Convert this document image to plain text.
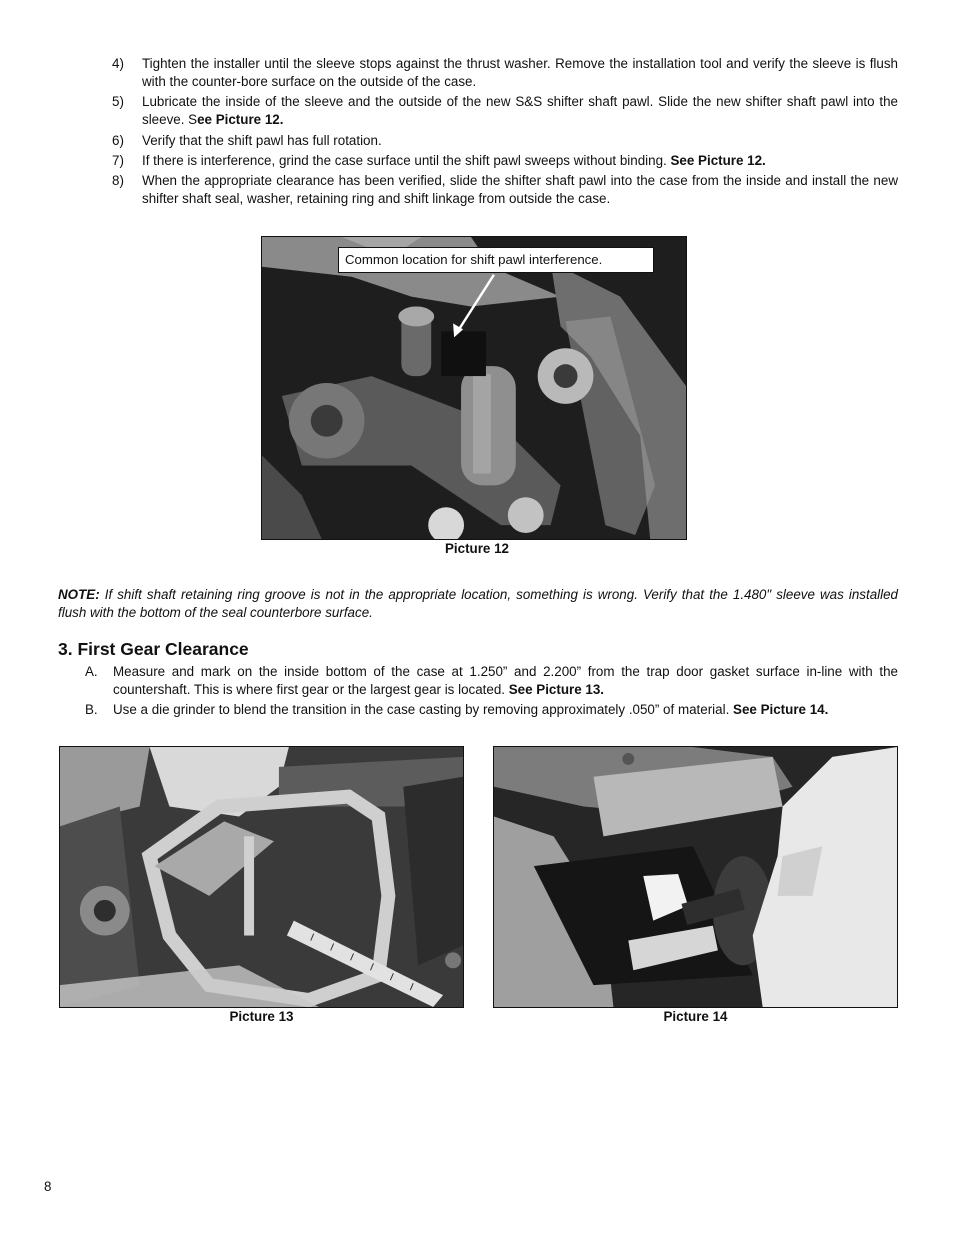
4) Tighten the installer until the sleeve stops against the thrust washer. Remove the installation tool and verify the sleeve is flush with the counter-bore surface on the outside of the case.
5) Lubricate the inside of the sleeve and the outside of the new S&S shifter shaft pawl. Slide the new shifter shaft pawl into the sleeve. See Picture 12.
6) Verify that the shift pawl has full rotation.
7) If there is interference, grind the case surface until the shift pawl sweeps without binding. See Picture 12.
8) When the appropriate clearance has been verified, slide the shifter shaft pawl into the case from the inside and install the new shifter shaft seal, washer, retaining ring and shift linkage from outside the case.
Common location for shift pawl interference.
Picture 12
NOTE: If shift shaft retaining ring groove is not in the appropriate location, something is wrong. Verify that the 1.480" sleeve was installed flush with the bottom of the seal counterbore surface.
3. First Gear Clearance
A. Measure and mark on the inside bottom of the case at 1.250” and 2.200” from the trap door gasket surface in-line with the countershaft. This is where first gear or the largest gear is located. See Picture 13.
B. Use a die grinder to blend the transition in the case casting by removing approximately .050” of material. See Picture 14.
Picture 13	Picture 14
8
